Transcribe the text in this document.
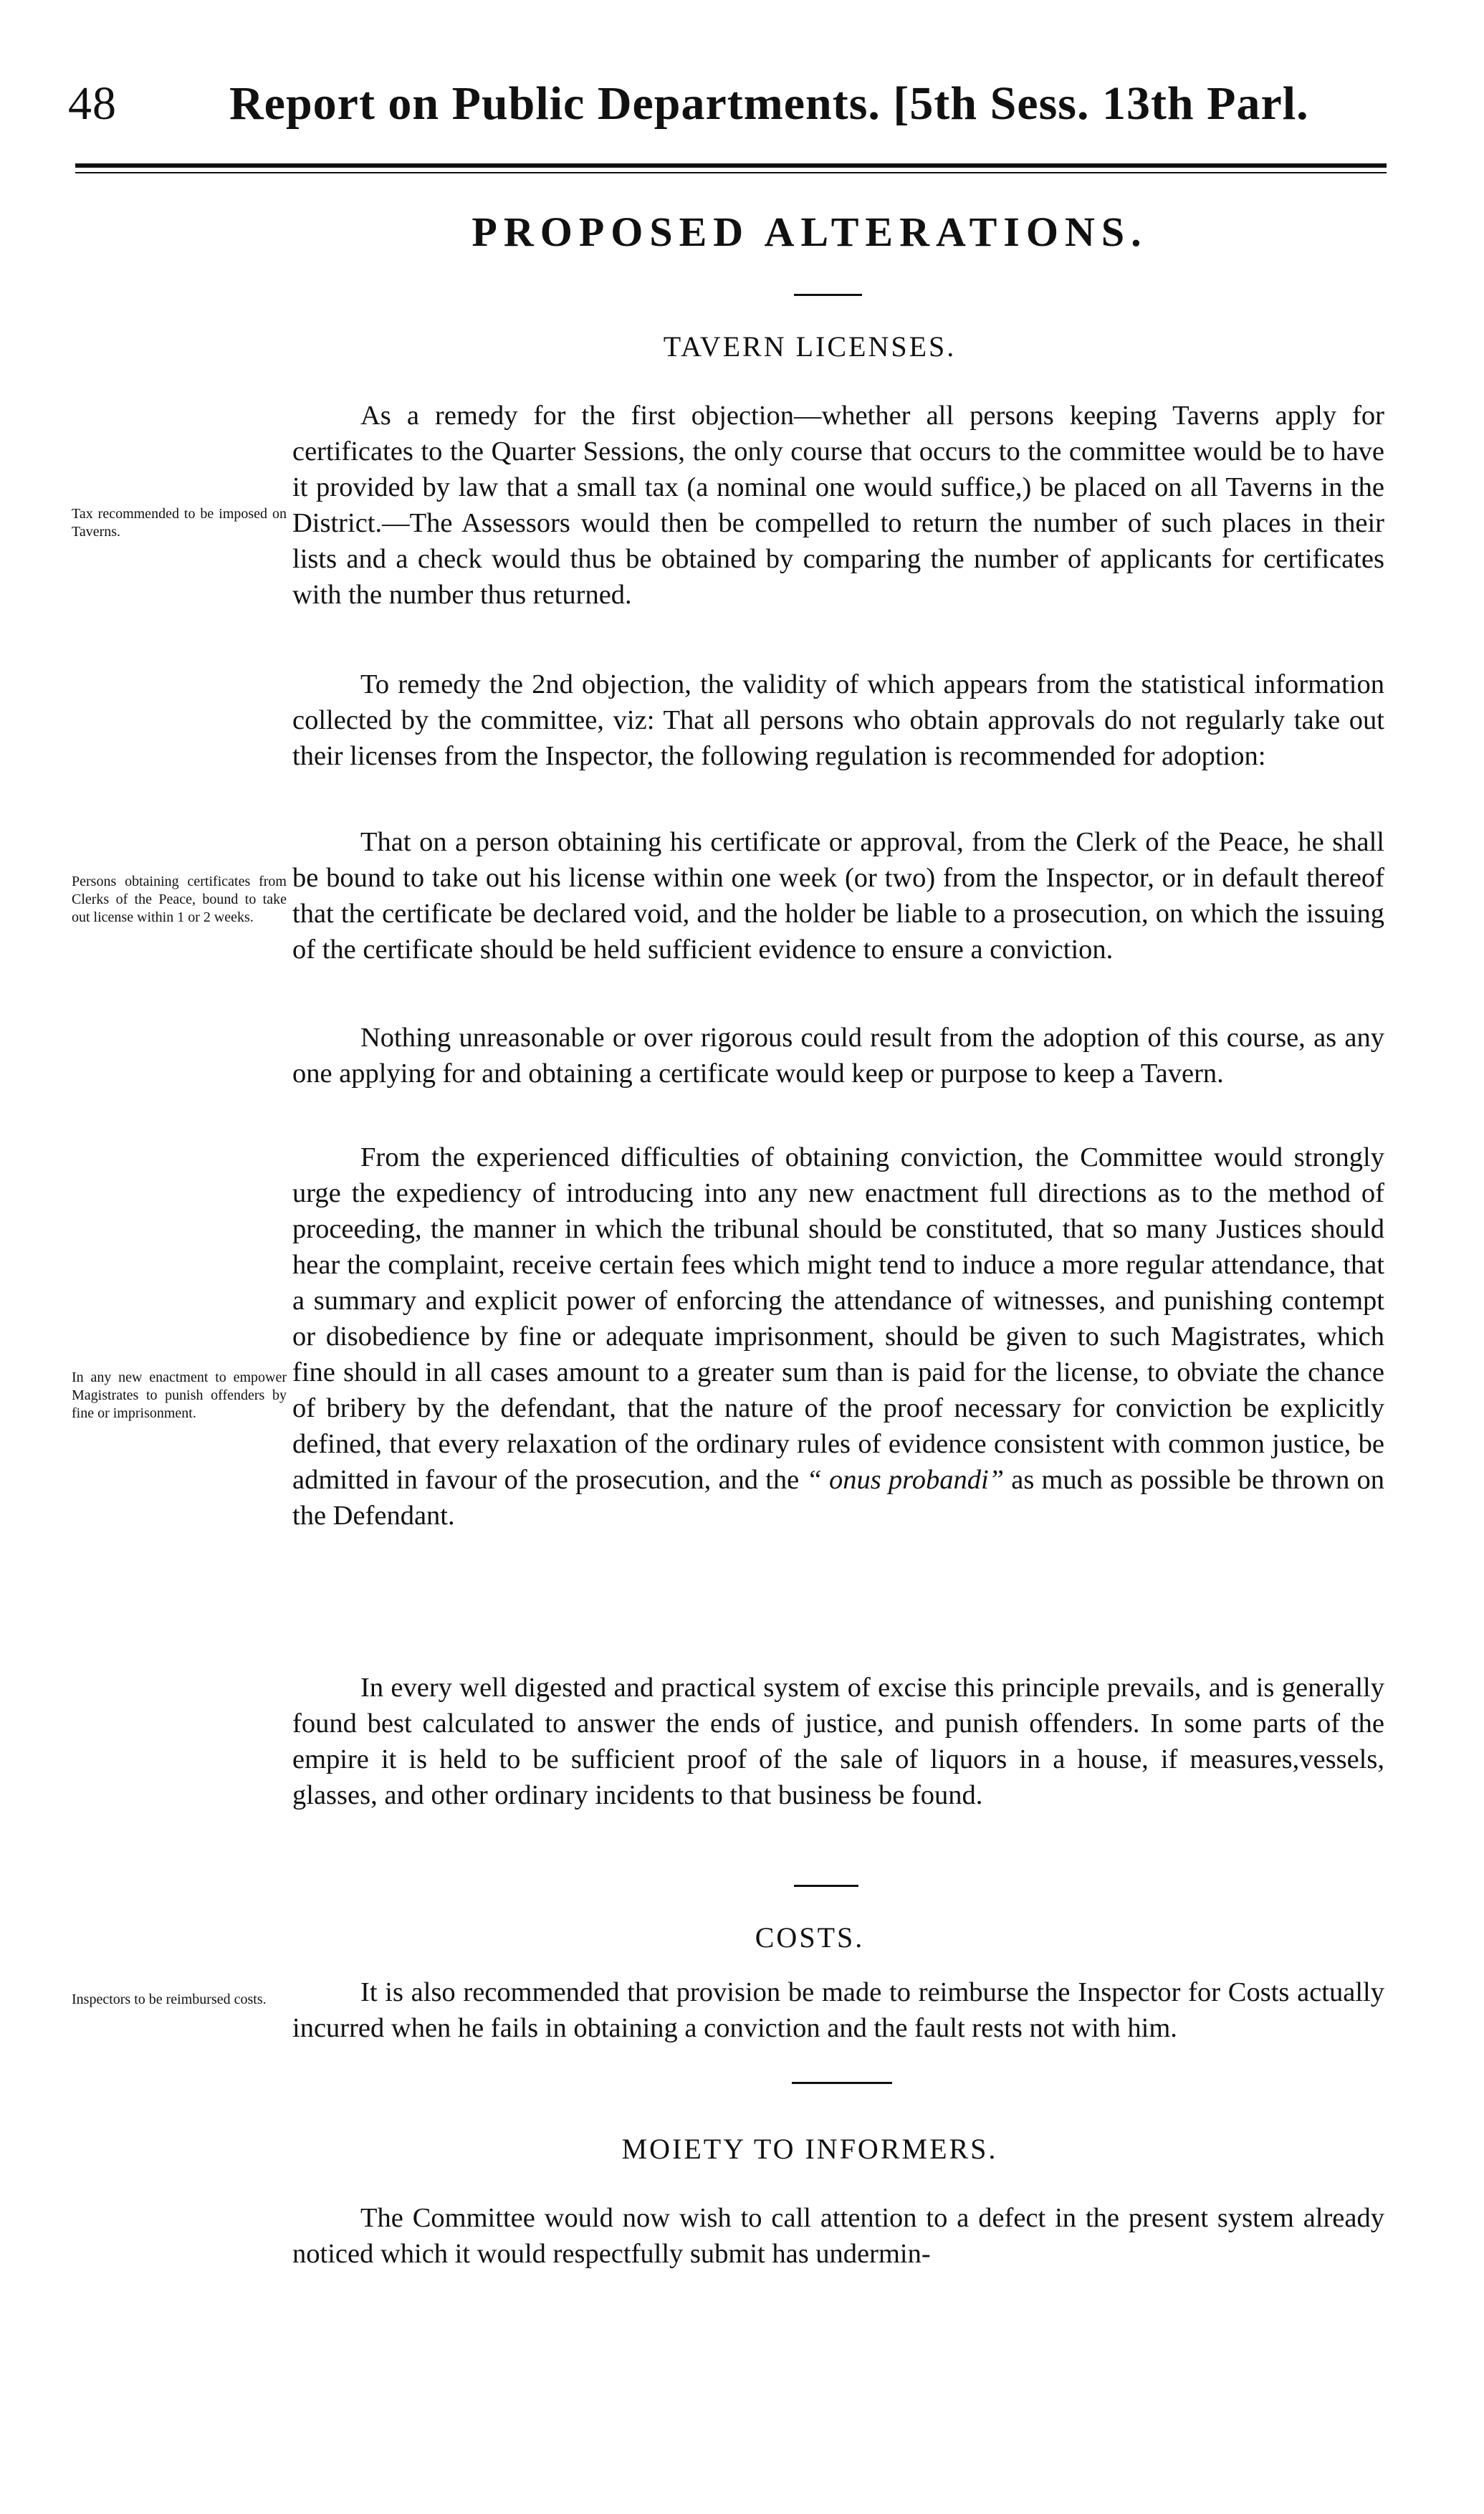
48 Report on Public Departments. [5th Sess. 13th Parl.
PROPOSED ALTERATIONS.
TAVERN LICENSES.
As a remedy for the first objection—whether all persons keeping Taverns apply for certificates to the Quarter Sessions, the only course that occurs to the committee would be to have it provided by law that a small tax (a nominal one would suffice,) be placed on all Taverns in the District.—The Assessors would then be compelled to return the number of such places in their lists and a check would thus be obtained by comparing the number of applicants for certificates with the number thus returned.
Tax recommended to be imposed on Taverns.
To remedy the 2nd objection, the validity of which appears from the statistical information collected by the committee, viz: That all persons who obtain approvals do not regularly take out their licenses from the Inspector, the following regulation is recommended for adoption:
That on a person obtaining his certificate or approval, from the Clerk of the Peace, he shall be bound to take out his license within one week (or two) from the Inspector, or in default thereof that the certificate be declared void, and the holder be liable to a prosecution, on which the issuing of the certificate should be held sufficient evidence to ensure a conviction.
Persons obtaining certificates from Clerks of the Peace, bound to take out license within 1 or 2 weeks.
Nothing unreasonable or over rigorous could result from the adoption of this course, as any one applying for and obtaining a certificate would keep or purpose to keep a Tavern.
From the experienced difficulties of obtaining conviction, the Committee would strongly urge the expediency of introducing into any new enactment full directions as to the method of proceeding, the manner in which the tribunal should be constituted, that so many Justices should hear the complaint, receive certain fees which might tend to induce a more regular attendance, that a summary and explicit power of enforcing the attendance of witnesses, and punishing contempt or disobedience by fine or adequate imprisonment, should be given to such Magistrates, which fine should in all cases amount to a greater sum than is paid for the license, to obviate the chance of bribery by the defendant, that the nature of the proof necessary for conviction be explicitly defined, that every relaxation of the ordinary rules of evidence consistent with common justice, be admitted in favour of the prosecution, and the “ onus probandi” as much as possible be thrown on the Defendant.
In any new enactment to empower Magistrates to punish offenders by fine or imprisonment.
In every well digested and practical system of excise this principle prevails, and is generally found best calculated to answer the ends of justice, and punish offenders. In some parts of the empire it is held to be sufficient proof of the sale of liquors in a house, if measures,vessels, glasses, and other ordinary incidents to that business be found.
COSTS.
It is also recommended that provision be made to reimburse the Inspector for Costs actually incurred when he fails in obtaining a conviction and the fault rests not with him.
Inspectors to be reimbursed costs.
MOIETY TO INFORMERS.
The Committee would now wish to call attention to a defect in the present system already noticed which it would respectfully submit has undermin-
